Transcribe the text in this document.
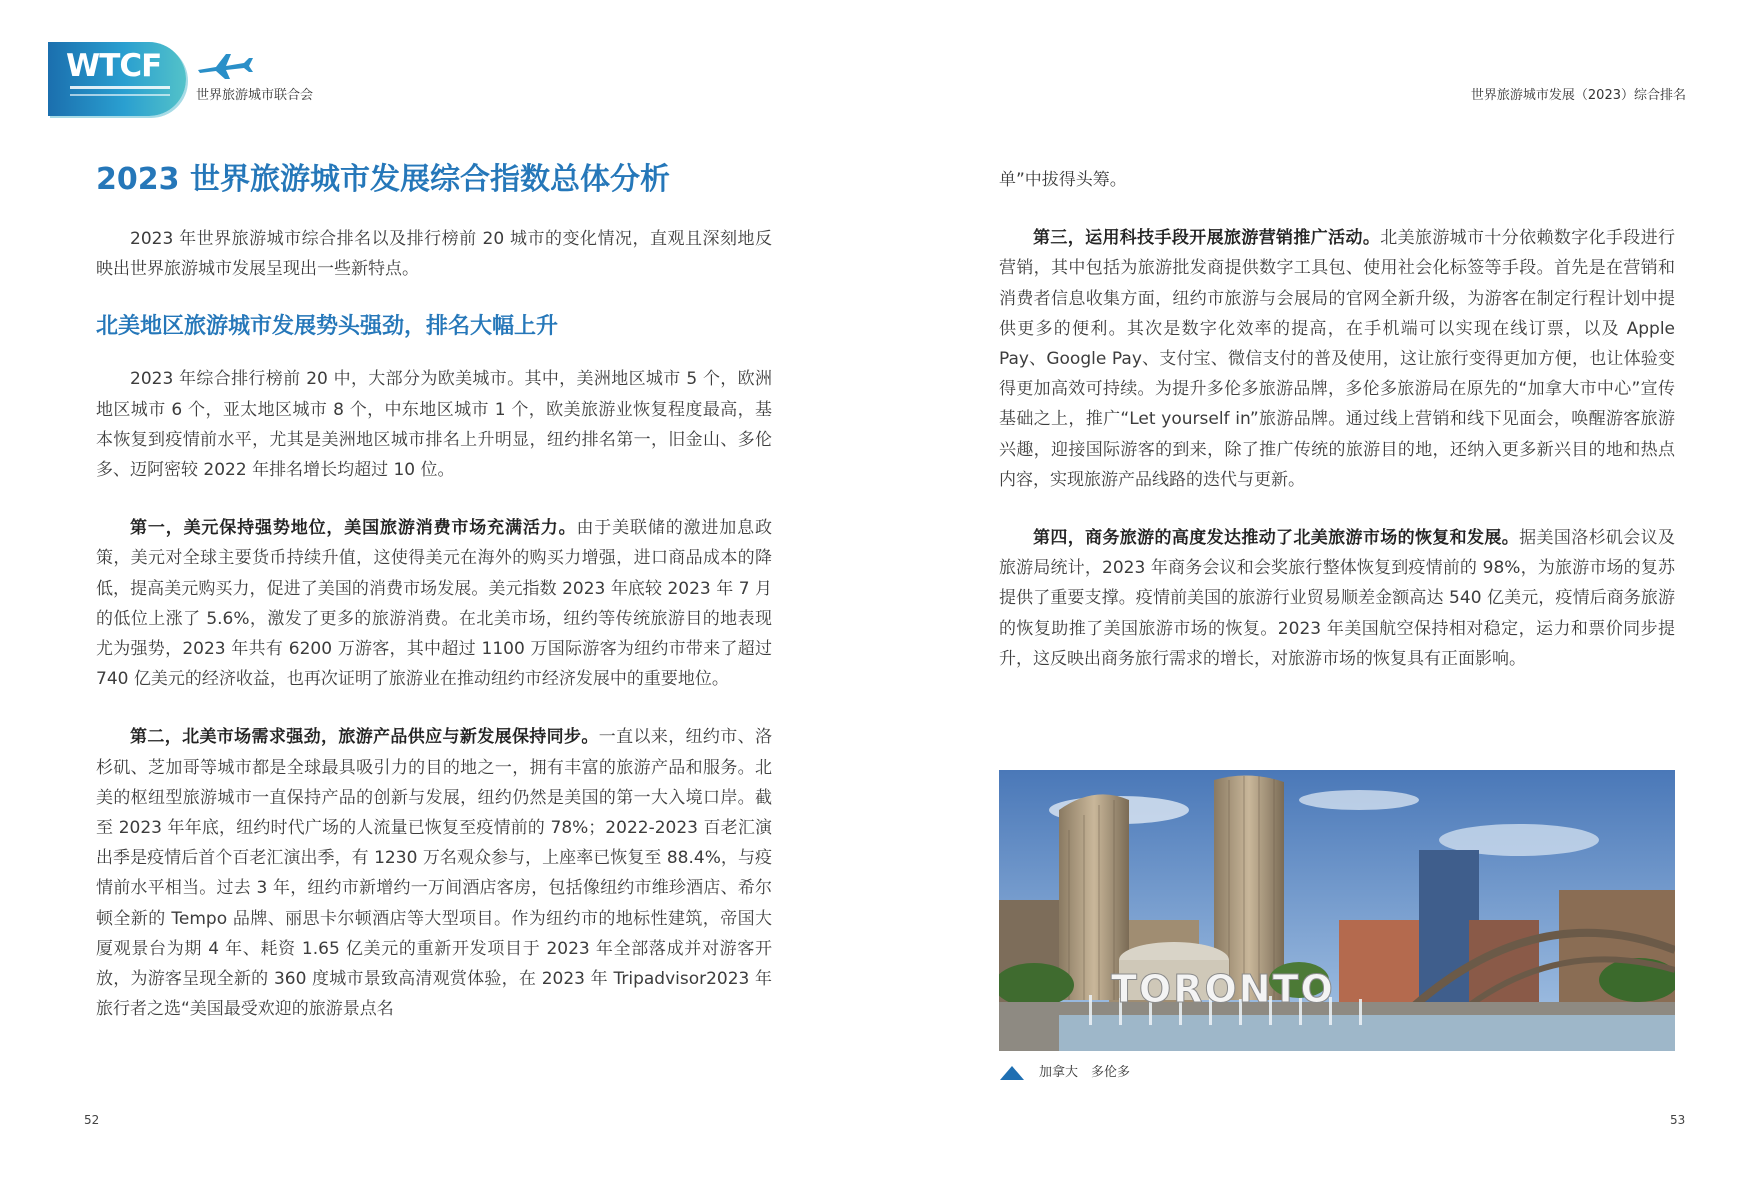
WTCF
世界旅游城市联合会	世界旅游城市发展（2023）综合排名
2023 世界旅游城市发展综合指数总体分析

2023 年世界旅游城市综合排名以及排行榜前 20 城市的变化情况，直观且深刻地反映出世界旅游城市发展呈现出一些新特点。

北美地区旅游城市发展势头强劲，排名大幅上升

2023 年综合排行榜前 20 中，大部分为欧美城市。其中，美洲地区城市 5 个，欧洲地区城市 6 个，亚太地区城市 8 个，中东地区城市 1 个，欧美旅游业恢复程度最高，基本恢复到疫情前水平，尤其是美洲地区城市排名上升明显，纽约排名第一，旧金山、多伦多、迈阿密较 2022 年排名增长均超过 10 位。

第一，美元保持强势地位，美国旅游消费市场充满活力。由于美联储的激进加息政策，美元对全球主要货币持续升值，这使得美元在海外的购买力增强，进口商品成本的降低，提高美元购买力，促进了美国的消费市场发展。美元指数 2023 年底较 2023 年 7 月的低位上涨了 5.6%，激发了更多的旅游消费。在北美市场，纽约等传统旅游目的地表现尤为强势，2023 年共有 6200 万游客，其中超过 1100 万国际游客为纽约市带来了超过 740 亿美元的经济收益，也再次证明了旅游业在推动纽约市经济发展中的重要地位。

第二，北美市场需求强劲，旅游产品供应与新发展保持同步。一直以来，纽约市、洛杉矶、芝加哥等城市都是全球最具吸引力的目的地之一，拥有丰富的旅游产品和服务。北美的枢纽型旅游城市一直保持产品的创新与发展，纽约仍然是美国的第一大入境口岸。截至 2023 年年底，纽约时代广场的人流量已恢复至疫情前的 78%；2022-2023 百老汇演出季是疫情后首个百老汇演出季，有 1230 万名观众参与，上座率已恢复至 88.4%，与疫情前水平相当。过去 3 年，纽约市新增约一万间酒店客房，包括像纽约市维珍酒店、希尔顿全新的 Tempo 品牌、丽思卡尔顿酒店等大型项目。作为纽约市的地标性建筑，帝国大厦观景台为期 4 年、耗资 1.65 亿美元的重新开发项目于 2023 年全部落成并对游客开放，为游客呈现全新的 360 度城市景致高清观赏体验，在 2023 年 Tripadvisor2023 年旅行者之选“美国最受欢迎的旅游景点名

单”中拔得头筹。

第三，运用科技手段开展旅游营销推广活动。北美旅游城市十分依赖数字化手段进行营销，其中包括为旅游批发商提供数字工具包、使用社会化标签等手段。首先是在营销和消费者信息收集方面，纽约市旅游与会展局的官网全新升级，为游客在制定行程计划中提供更多的便利。其次是数字化效率的提高，在手机端可以实现在线订票，以及 Apple Pay、Google Pay、支付宝、微信支付的普及使用，这让旅行变得更加方便，也让体验变得更加高效可持续。为提升多伦多旅游品牌，多伦多旅游局在原先的“加拿大市中心”宣传基础之上，推广“Let yourself in”旅游品牌。通过线上营销和线下见面会，唤醒游客旅游兴趣，迎接国际游客的到来，除了推广传统的旅游目的地，还纳入更多新兴目的地和热点内容，实现旅游产品线路的迭代与更新。

第四，商务旅游的高度发达推动了北美旅游市场的恢复和发展。据美国洛杉矶会议及旅游局统计，2023 年商务会议和会奖旅行整体恢复到疫情前的 98%，为旅游市场的复苏提供了重要支撑。疫情前美国的旅游行业贸易顺差金额高达 540 亿美元，疫情后商务旅游的恢复助推了美国旅游市场的恢复。2023 年美国航空保持相对稳定，运力和票价同步提升，这反映出商务旅行需求的增长，对旅游市场的恢复具有正面影响。

TORONTO
加拿大　多伦多
52	53
